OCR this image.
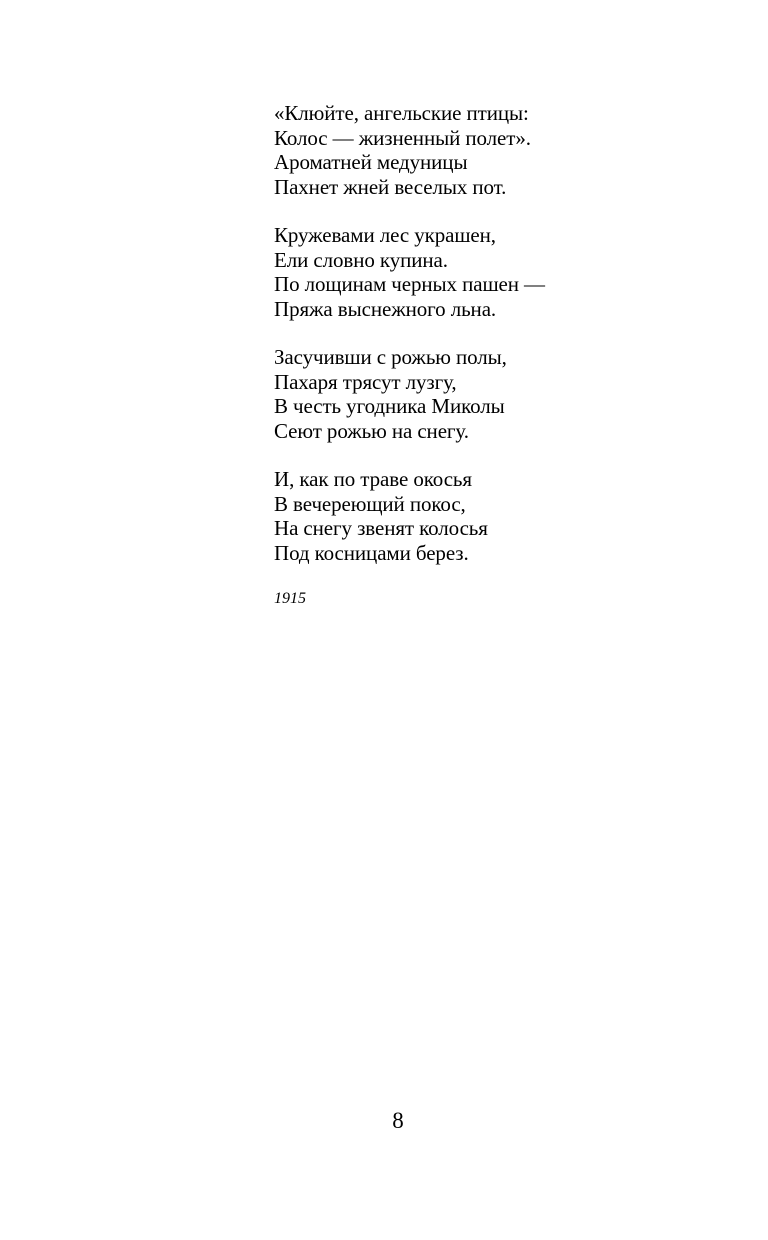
«Клюйте, ангельские птицы:
Колос — жизненный полет».
Ароматней медуницы
Пахнет жней веселых пот.
Кружевами лес украшен,
Ели словно купина.
По лощинам черных пашен —
Пряжа выснежного льна.
Засучивши с рожью полы,
Пахаря трясут лузгу,
В честь угодника Миколы
Сеют рожью на снегу.
И, как по траве окосья
В вечереющий покос,
На снегу звенят колосья
Под косницами берез.
1915
8
